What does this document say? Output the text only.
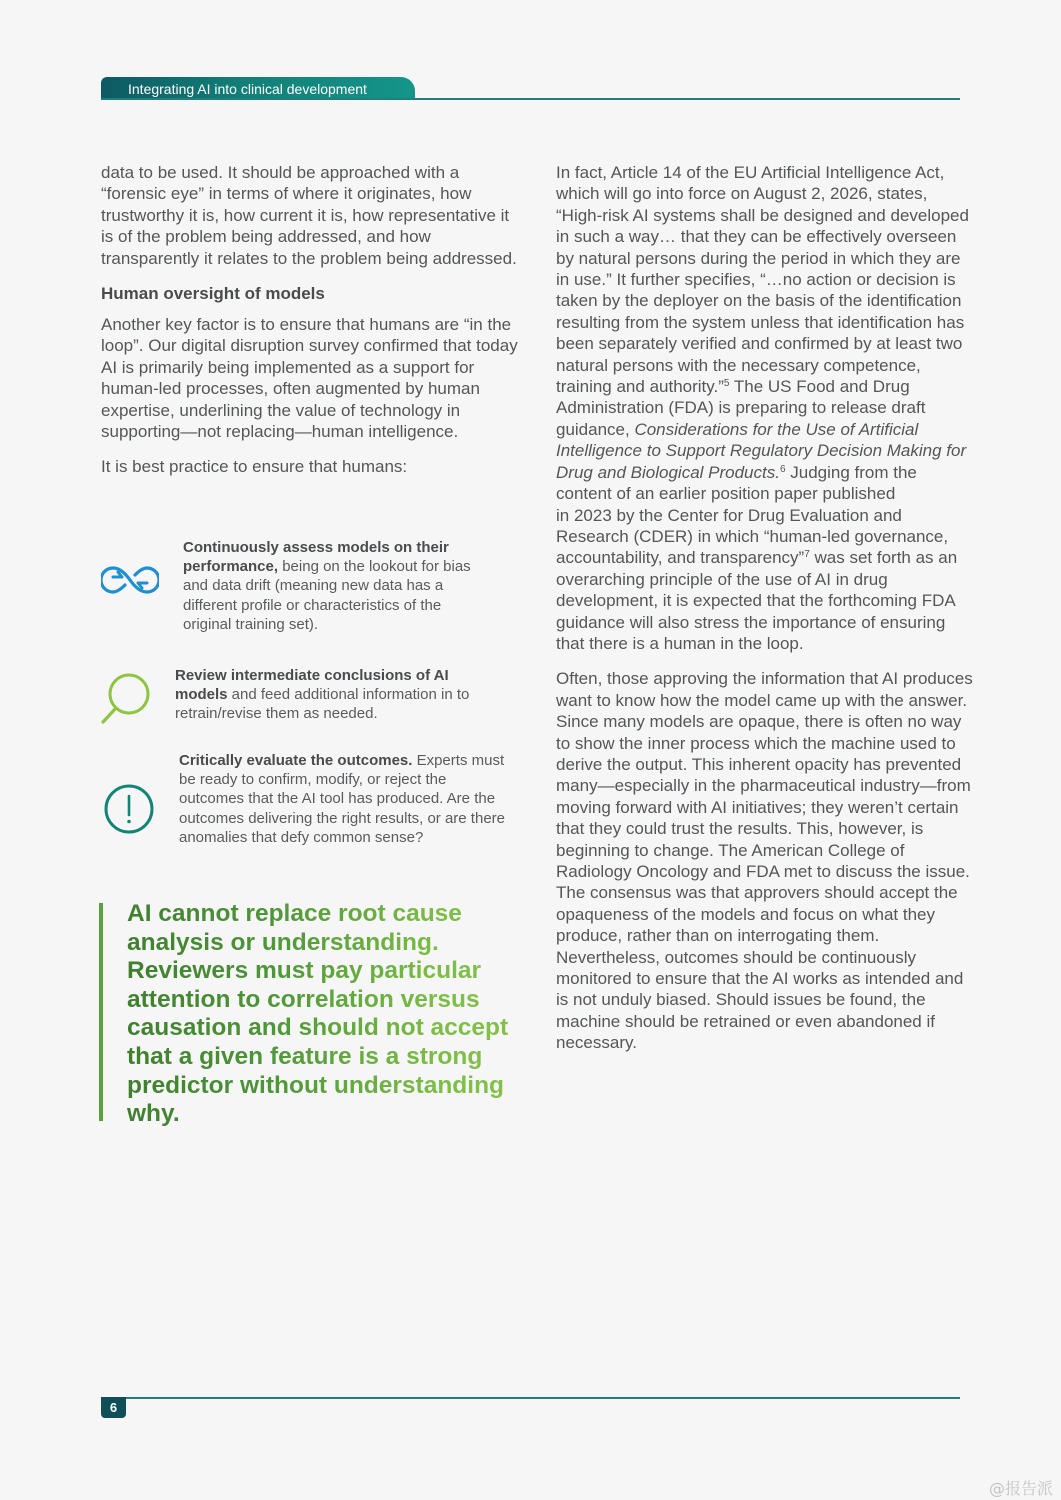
Integrating AI into clinical development

data to be used. It should be approached with a “forensic eye” in terms of where it originates, how trustworthy it is, how current it is, how representative it is of the problem being addressed, and how transparently it relates to the problem being addressed.

Human oversight of models

Another key factor is to ensure that humans are “in the loop”. Our digital disruption survey confirmed that today AI is primarily being implemented as a support for human-led processes, often augmented by human expertise, underlining the value of technology in supporting—not replacing—human intelligence.

It is best practice to ensure that humans:

Continuously assess models on their performance, being on the lookout for bias and data drift (meaning new data has a different profile or characteristics of the original training set).
Review intermediate conclusions of AI models and feed additional information in to retrain/revise them as needed.
Critically evaluate the outcomes. Experts must be ready to confirm, modify, or reject the outcomes that the AI tool has produced. Are the outcomes delivering the right results, or are there anomalies that defy common sense?
AI cannot replace root cause analysis or understanding. Reviewers must pay particular attention to correlation versus causation and should not accept that a given feature is a strong predictor without understanding why.

In fact, Article 14 of the EU Artificial Intelligence Act, which will go into force on August 2, 2026, states, “High-risk AI systems shall be designed and developed in such a way… that they can be effectively overseen by natural persons during the period in which they are in use.” It further specifies, “…no action or decision is taken by the deployer on the basis of the identification resulting from the system unless that identification has been separately verified and confirmed by at least two natural persons with the necessary competence, training and authority.”$^5$ The US Food and Drug Administration (FDA) is preparing to release draft guidance, Considerations for the Use of Artificial Intelligence to Support Regulatory Decision Making for Drug and Biological Products.$^6$ Judging from the content of an earlier position paper published
in 2023 by the Center for Drug Evaluation and Research (CDER) in which “human-led governance, accountability, and transparency”$^7$ was set forth as an overarching principle of the use of AI in drug development, it is expected that the forthcoming FDA guidance will also stress the importance of ensuring that there is a human in the loop.

Often, those approving the information that AI produces want to know how the model came up with the answer. Since many models are opaque, there is often no way to show the inner process which the machine used to derive the output. This inherent opacity has prevented many—especially in the pharmaceutical industry—from moving forward with AI initiatives; they weren’t certain that they could trust the results. This, however, is beginning to change. The American College of Radiology Oncology and FDA met to discuss the issue. The consensus was that approvers should accept the opaqueness of the models and focus on what they produce, rather than on interrogating them. Nevertheless, outcomes should be continuously monitored to ensure that the AI works as intended and is not unduly biased. Should issues be found, the machine should be retrained or even abandoned if necessary.

6
@报告派
